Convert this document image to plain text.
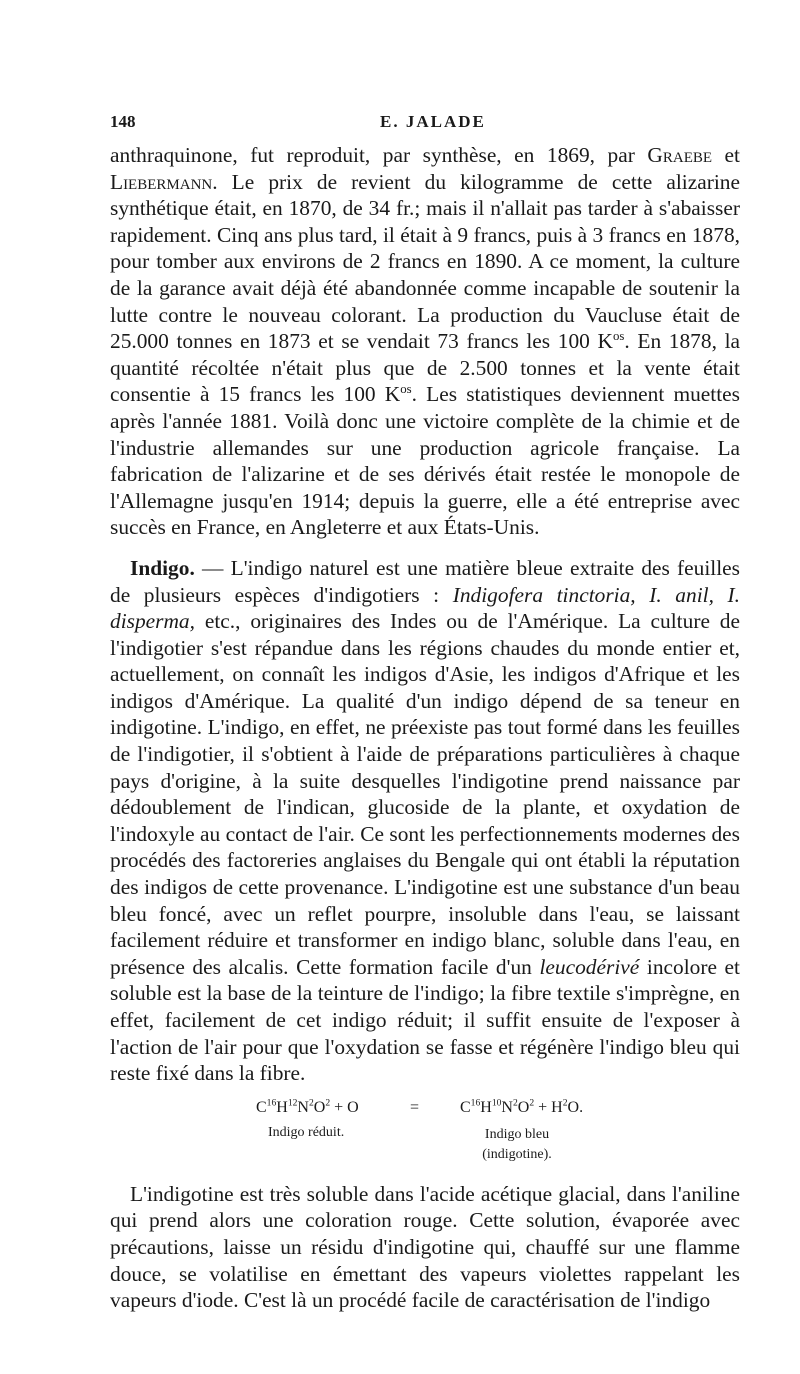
148	E. JALADE

anthraquinone, fut reproduit, par synthèse, en 1869, par Graebe et Liebermann. Le prix de revient du kilogramme de cette alizarine synthétique était, en 1870, de 34 fr.; mais il n'allait pas tarder à s'abaisser rapidement. Cinq ans plus tard, il était à 9 francs, puis à 3 francs en 1878, pour tomber aux environs de 2 francs en 1890. A ce moment, la culture de la garance avait déjà été abandonnée comme incapable de soutenir la lutte contre le nouveau colorant. La production du Vaucluse était de 25.000 tonnes en 1873 et se vendait 73 francs les 100 $K^{os}$. En 1878, la quantité récoltée n'était plus que de 2.500 tonnes et la vente était consentie à 15 francs les 100 $K^{os}$. Les statistiques deviennent muettes après l'année 1881. Voilà donc une victoire complète de la chimie et de l'industrie allemandes sur une production agricole française. La fabrication de l'alizarine et de ses dérivés était restée le monopole de l'Allemagne jusqu'en 1914; depuis la guerre, elle a été entreprise avec succès en France, en Angleterre et aux États-Unis.

Indigo. — L'indigo naturel est une matière bleue extraite des feuilles de plusieurs espèces d'indigotiers : Indigofera tinctoria, I. anil, I. disperma, etc., originaires des Indes ou de l'Amérique. La culture de l'indigotier s'est répandue dans les régions chaudes du monde entier et, actuellement, on connaît les indigos d'Asie, les indigos d'Afrique et les indigos d'Amérique. La qualité d'un indigo dépend de sa teneur en indigotine. L'indigo, en effet, ne préexiste pas tout formé dans les feuilles de l'indigotier, il s'obtient à l'aide de préparations particulières à chaque pays d'origine, à la suite desquelles l'indigotine prend naissance par dédoublement de l'indican, glucoside de la plante, et oxydation de l'indoxyle au contact de l'air. Ce sont les perfectionnements modernes des procédés des factoreries anglaises du Bengale qui ont établi la réputation des indigos de cette provenance. L'indigotine est une substance d'un beau bleu foncé, avec un reflet pourpre, insoluble dans l'eau, se laissant facilement réduire et transformer en indigo blanc, soluble dans l'eau, en présence des alcalis. Cette formation facile d'un leucodérivé incolore et soluble est la base de la teinture de l'indigo; la fibre textile s'imprègne, en effet, facilement de cet indigo réduit; il suffit ensuite de l'exposer à l'action de l'air pour que l'oxydation se fasse et régénère l'indigo bleu qui reste fixé dans la fibre.

$C^{16}H^{12}N^2O^2 + O$	=	$C^{16}H^{10}N^2O^2 + H^2O$.
Indigo réduit.	Indigo bleu
(indigotine).

L'indigotine est très soluble dans l'acide acétique glacial, dans l'aniline qui prend alors une coloration rouge. Cette solution, évaporée avec précautions, laisse un résidu d'indigotine qui, chauffé sur une flamme douce, se volatilise en émettant des vapeurs violettes rappelant les vapeurs d'iode. C'est là un procédé facile de caractérisation de l'indigo
